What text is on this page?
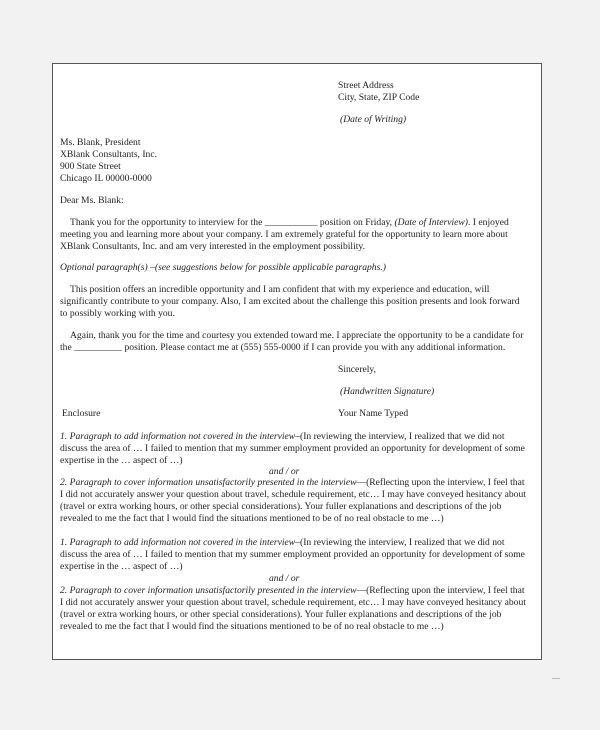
Street Address
City, State, ZIP Code
(Date of Writing)
Ms. Blank, President
XBlank Consultants, Inc.
900 State Street
Chicago IL 00000-0000
Dear Ms. Blank:
Thank you for the opportunity to interview for the ___________ position on Friday, (Date of Interview). I enjoyed
meeting you and learning more about your company. I am extremely grateful for the opportunity to learn more about
XBlank Consultants, Inc. and am very interested in the employment possibility.
Optional paragraph(s) –(see suggestions below for possible applicable paragraphs.)
This position offers an incredible opportunity and I am confident that with my experience and education, will
significantly contribute to your company. Also, I am excited about the challenge this position presents and look forward
to possibly working with you.
Again, thank you for the time and courtesy you extended toward me. I appreciate the opportunity to be a candidate for
the __________ position. Please contact me at (555) 555-0000 if I can provide you with any additional information.
Sincerely,
(Handwritten Signature)
Enclosure	Your Name Typed
1. Paragraph to add information not covered in the interview–(In reviewing the interview, I realized that we did not
discuss the area of … I failed to mention that my summer employment provided an opportunity for development of some
expertise in the … aspect of …)
and / or
2. Paragraph to cover information unsatisfactorily presented in the interview—(Reflecting upon the interview, I feel that
I did not accurately answer your question about travel, schedule requirement, etc… I may have conveyed hesitancy about
(travel or extra working hours, or other special considerations). Your fuller explanations and descriptions of the job
revealed to me the fact that I would find the situations mentioned to be of no real obstacle to me …)
1. Paragraph to add information not covered in the interview–(In reviewing the interview, I realized that we did not
discuss the area of … I failed to mention that my summer employment provided an opportunity for development of some
expertise in the … aspect of …)
and / or
2. Paragraph to cover information unsatisfactorily presented in the interview—(Reflecting upon the interview, I feel that
I did not accurately answer your question about travel, schedule requirement, etc… I may have conveyed hesitancy about
(travel or extra working hours, or other special considerations). Your fuller explanations and descriptions of the job
revealed to me the fact that I would find the situations mentioned to be of no real obstacle to me …)
